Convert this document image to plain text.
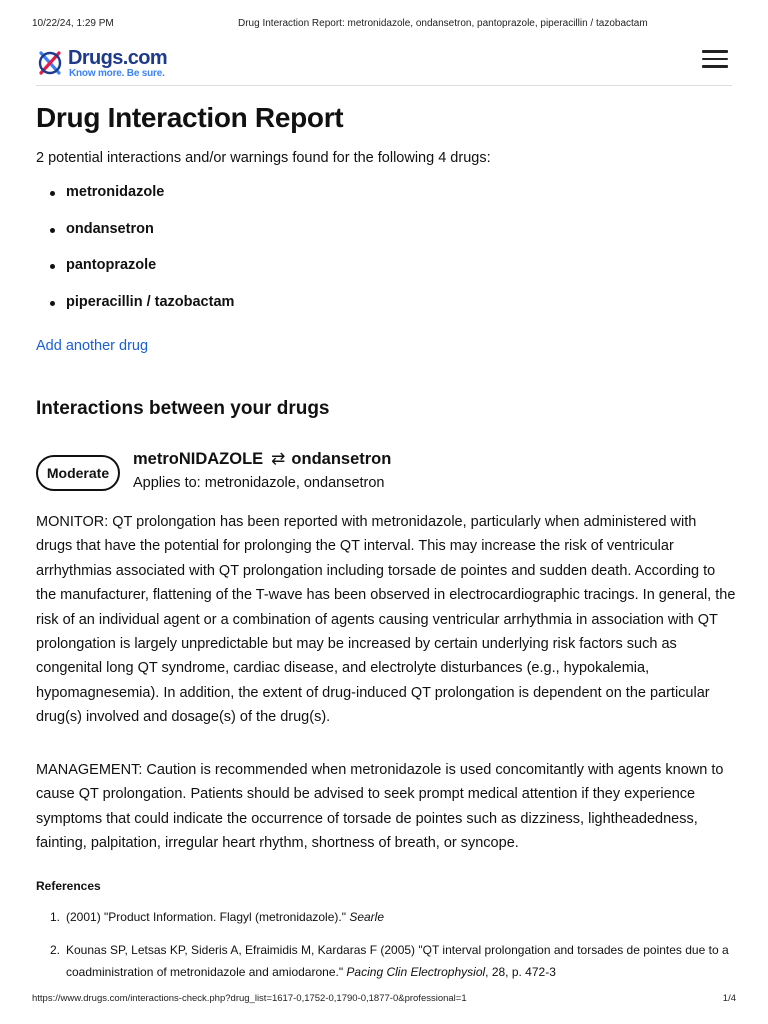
10/22/24, 1:29 PM	Drug Interaction Report: metronidazole, ondansetron, pantoprazole, piperacillin / tazobactam
Drugs.com
Know more. Be sure.
Drug Interaction Report

2 potential interactions and/or warnings found for the following 4 drugs:

metronidazole
ondansetron
pantoprazole
piperacillin / tazobactam
Add another drug
Interactions between your drugs
Moderate
metroNIDAZOLE ⇄ ondansetron
Applies to: metronidazole, ondansetron

MONITOR: QT prolongation has been reported with metronidazole, particularly when administered with drugs that have the potential for prolonging the QT interval. This may increase the risk of ventricular arrhythmias associated with QT prolongation including torsade de pointes and sudden death. According to the manufacturer, flattening of the T-wave has been observed in electrocardiographic tracings. In general, the risk of an individual agent or a combination of agents causing ventricular arrhythmia in association with QT prolongation is largely unpredictable but may be increased by certain underlying risk factors such as congenital long QT syndrome, cardiac disease, and electrolyte disturbances (e.g., hypokalemia, hypomagnesemia). In addition, the extent of drug-induced QT prolongation is dependent on the particular drug(s) involved and dosage(s) of the drug(s).

MANAGEMENT: Caution is recommended when metronidazole is used concomitantly with agents known to cause QT prolongation. Patients should be advised to seek prompt medical attention if they experience symptoms that could indicate the occurrence of torsade de pointes such as dizziness, lightheadedness, fainting, palpitation, irregular heart rhythm, shortness of breath, or syncope.

References
1. (2001) "Product Information. Flagyl (metronidazole)." Searle
2. Kounas SP, Letsas KP, Sideris A, Efraimidis M, Kardaras F (2005) "QT interval prolongation and torsades de pointes due to a coadministration of metronidazole and amiodarone." Pacing Clin Electrophysiol, 28, p. 472-3
https://www.drugs.com/interactions-check.php?drug_list=1617-0,1752-0,1790-0,1877-0&professional=1	1/4
